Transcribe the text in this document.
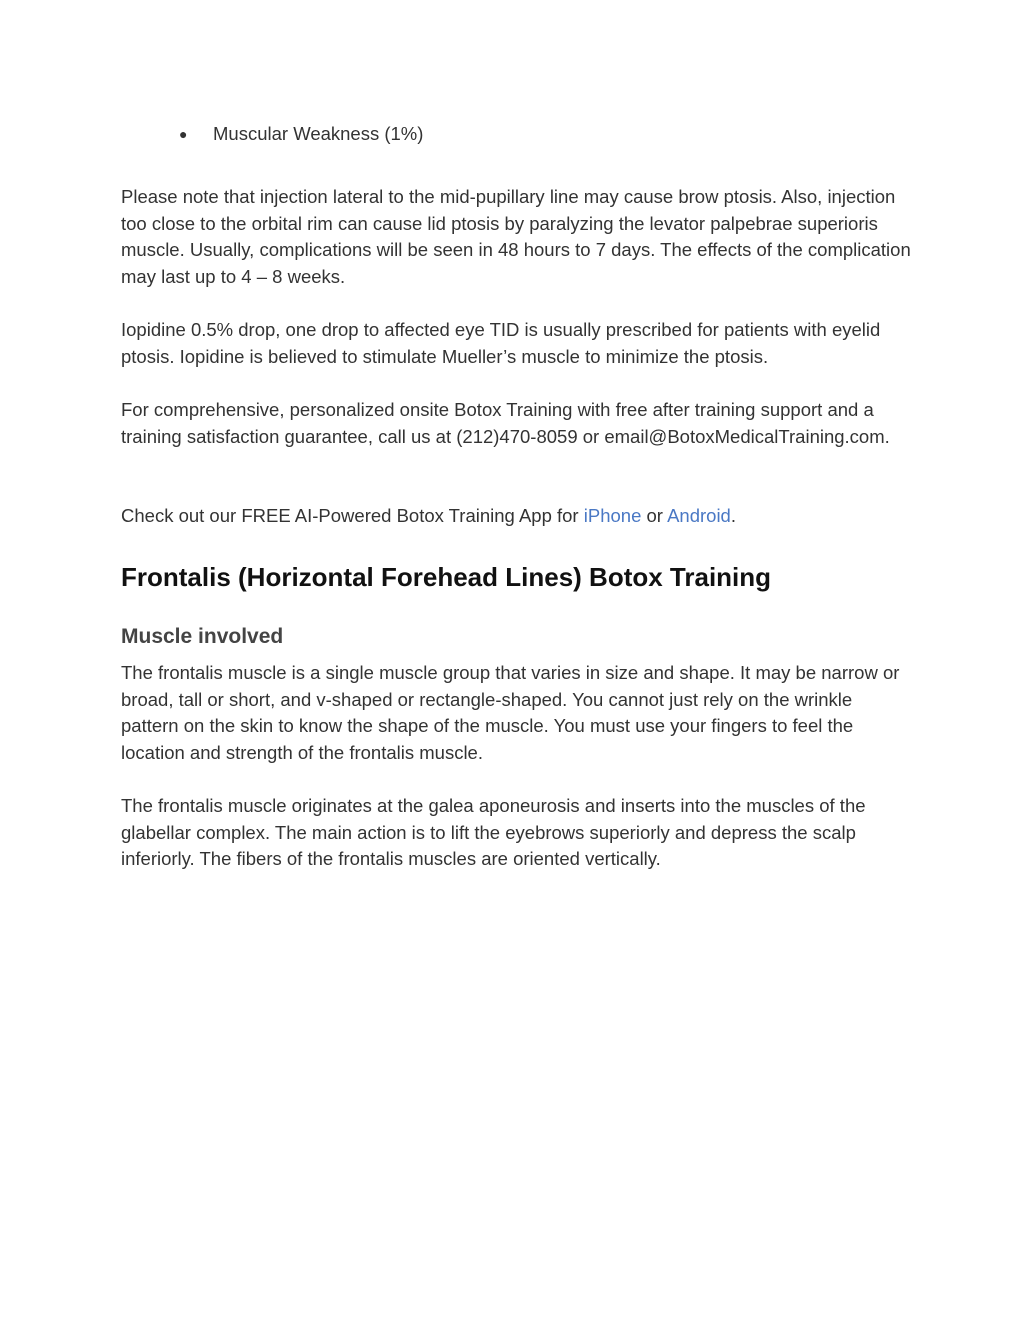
● Muscular Weakness (1%)

Please note that injection lateral to the mid-pupillary line may cause brow ptosis. Also, injection too close to the orbital rim can cause lid ptosis by paralyzing the levator palpebrae superioris muscle. Usually, complications will be seen in 48 hours to 7 days. The effects of the complication may last up to 4 – 8 weeks.

Iopidine 0.5% drop, one drop to affected eye TID is usually prescribed for patients with eyelid ptosis. Iopidine is believed to stimulate Mueller’s muscle to minimize the ptosis.

For comprehensive, personalized onsite Botox Training with free after training support and a training satisfaction guarantee, call us at (212)470-8059 or email@BotoxMedicalTraining.com.

Check out our FREE AI-Powered Botox Training App for iPhone or Android.

Frontalis (Horizontal Forehead Lines) Botox Training
Muscle involved

The frontalis muscle is a single muscle group that varies in size and shape. It may be narrow or broad, tall or short, and v-shaped or rectangle-shaped. You cannot just rely on the wrinkle pattern on the skin to know the shape of the muscle. You must use your fingers to feel the location and strength of the frontalis muscle.

The frontalis muscle originates at the galea aponeurosis and inserts into the muscles of the glabellar complex. The main action is to lift the eyebrows superiorly and depress the scalp inferiorly. The fibers of the frontalis muscles are oriented vertically.
